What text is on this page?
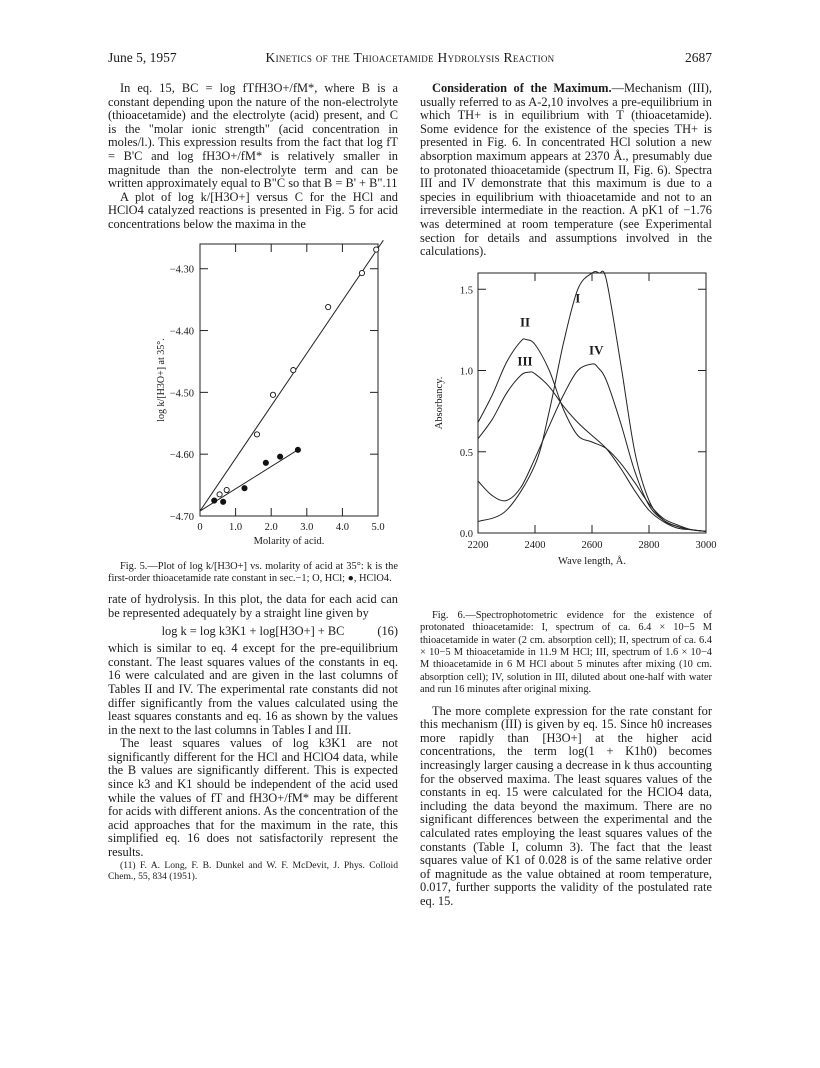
June 5, 1957	Kinetics of the Thioacetamide Hydrolysis Reaction	2687

In eq. 15, BC = log fTfH3O+/fM*, where B is a constant depending upon the nature of the non-electrolyte (thioacetamide) and the electrolyte (acid) present, and C is the "molar ionic strength" (acid concentration in moles/l.). This expression results from the fact that log fT = B'C and log fH3O+/fM* is relatively smaller in magnitude than the non-electrolyte term and can be written approximately equal to B"C so that B = B' + B".11

A plot of log k/[H3O+] versus C for the HCl and HClO4 catalyzed reactions is presented in Fig. 5 for acid concentrations below the maxima in the

−4.30
−4.40
−4.50
−4.60
−4.70
0	1.0 2.0 3.0 4.0 5.0
Molarity of acid.
log k/[H3O+] at 35°.

Fig. 5.—Plot of log k/[H3O+] vs. molarity of acid at 35°: k is the first-order thioacetamide rate constant in sec.−1; O, HCl; ●, HClO4.

rate of hydrolysis. In this plot, the data for each acid can be represented adequately by a straight line given by

log k = log k3K1 + log[H3O+] + BC	(16)

which is similar to eq. 4 except for the pre-equilibrium constant. The least squares values of the constants in eq. 16 were calculated and are given in the last columns of Tables II and IV. The experimental rate constants did not differ significantly from the values calculated using the least squares constants and eq. 16 as shown by the values in the next to the last columns in Tables I and III.

The least squares values of log k3K1 are not significantly different for the HCl and HClO4 data, while the B values are significantly different. This is expected since k3 and K1 should be independent of the acid used while the values of fT and fH3O+/fM* may be different for acids with different anions. As the concentration of the acid approaches that for the maximum in the rate, this simplified eq. 16 does not satisfactorily represent the results.

(11) F. A. Long, F. B. Dunkel and W. F. McDevit, J. Phys. Colloid Chem., 55, 834 (1951).

Consideration of the Maximum.—Mechanism (III), usually referred to as A-2,10 involves a pre-equilibrium in which TH+ is in equilibrium with T (thioacetamide). Some evidence for the existence of the species TH+ is presented in Fig. 6. In concentrated HCl solution a new absorption maximum appears at 2370 Å., presumably due to protonated thioacetamide (spectrum II, Fig. 6). Spectra III and IV demonstrate that this maximum is due to a species in equilibrium with thioacetamide and not to an irreversible intermediate in the reaction. A pK1 of −1.76 was determined at room temperature (see Experimental section for details and assumptions involved in the calculations).

0.0
0.5
1.0
1.5
2200	2400	2600	2800	3000
Wave length, Å.
Absorbancy.
I
II
III
IV

Fig. 6.—Spectrophotometric evidence for the existence of protonated thioacetamide: I, spectrum of ca. 6.4 × 10−5 M thioacetamide in water (2 cm. absorption cell); II, spectrum of ca. 6.4 × 10−5 M thioacetamide in 11.9 M HCl; III, spectrum of 1.6 × 10−4 M thioacetamide in 6 M HCl about 5 minutes after mixing (10 cm. absorption cell); IV, solution in III, diluted about one-half with water and run 16 minutes after original mixing.

The more complete expression for the rate constant for this mechanism (III) is given by eq. 15. Since h0 increases more rapidly than [H3O+] at the higher acid concentrations, the term log(1 + K1h0) becomes increasingly larger causing a decrease in k thus accounting for the observed maxima. The least squares values of the constants in eq. 15 were calculated for the HClO4 data, including the data beyond the maximum. There are no significant differences between the experimental and the calculated rates employing the least squares values of the constants (Table I, column 3). The fact that the least squares value of K1 of 0.028 is of the same relative order of magnitude as the value obtained at room temperature, 0.017, further supports the validity of the postulated rate eq. 15.
